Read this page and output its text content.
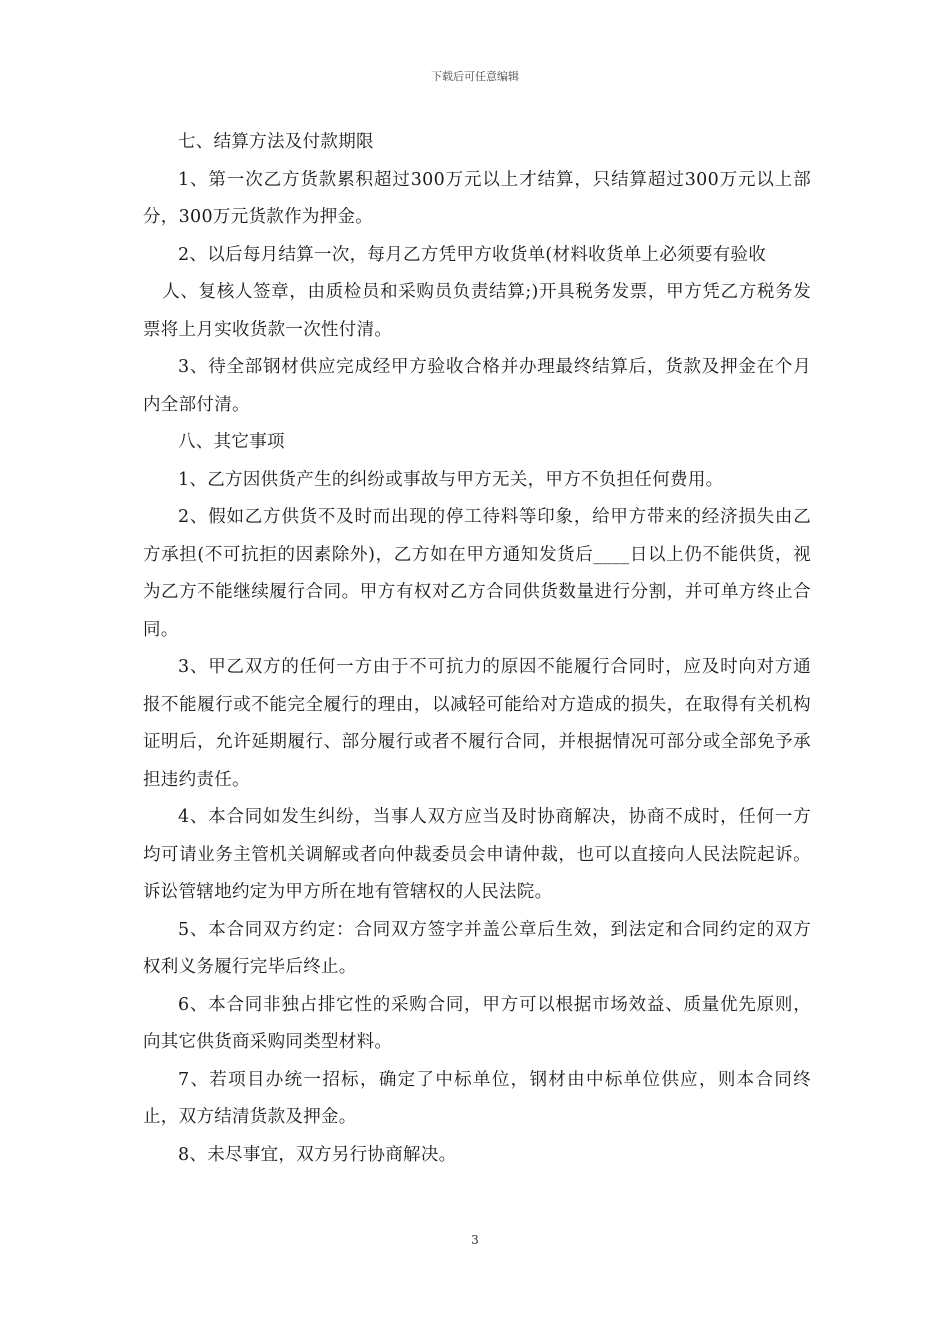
下载后可任意编辑

七、结算方法及付款期限

1、第一次乙方货款累积超过300万元以上才结算，只结算超过300万元以上部分，300万元货款作为押金。

2、以后每月结算一次，每月乙方凭甲方收货单(材料收货单上必须要有验收

人、复核人签章，由质检员和采购员负责结算;)开具税务发票，甲方凭乙方税务发票将上月实收货款一次性付清。

3、待全部钢材供应完成经甲方验收合格并办理最终结算后，货款及押金在个月内全部付清。

八、其它事项

1、乙方因供货产生的纠纷或事故与甲方无关，甲方不负担任何费用。

2、假如乙方供货不及时而出现的停工待料等印象，给甲方带来的经济损失由乙方承担(不可抗拒的因素除外)，乙方如在甲方通知发货后____日以上仍不能供货，视为乙方不能继续履行合同。甲方有权对乙方合同供货数量进行分割，并可单方终止合同。

3、甲乙双方的任何一方由于不可抗力的原因不能履行合同时，应及时向对方通报不能履行或不能完全履行的理由，以减轻可能给对方造成的损失，在取得有关机构证明后，允许延期履行、部分履行或者不履行合同，并根据情况可部分或全部免予承担违约责任。

4、本合同如发生纠纷，当事人双方应当及时协商解决，协商不成时，任何一方均可请业务主管机关调解或者向仲裁委员会申请仲裁，也可以直接向人民法院起诉。诉讼管辖地约定为甲方所在地有管辖权的人民法院。

5、本合同双方约定：合同双方签字并盖公章后生效，到法定和合同约定的双方权利义务履行完毕后终止。

6、本合同非独占排它性的采购合同，甲方可以根据市场效益、质量优先原则，向其它供货商采购同类型材料。

7、若项目办统一招标，确定了中标单位，钢材由中标单位供应，则本合同终止，双方结清货款及押金。

8、未尽事宜，双方另行协商解决。

3
